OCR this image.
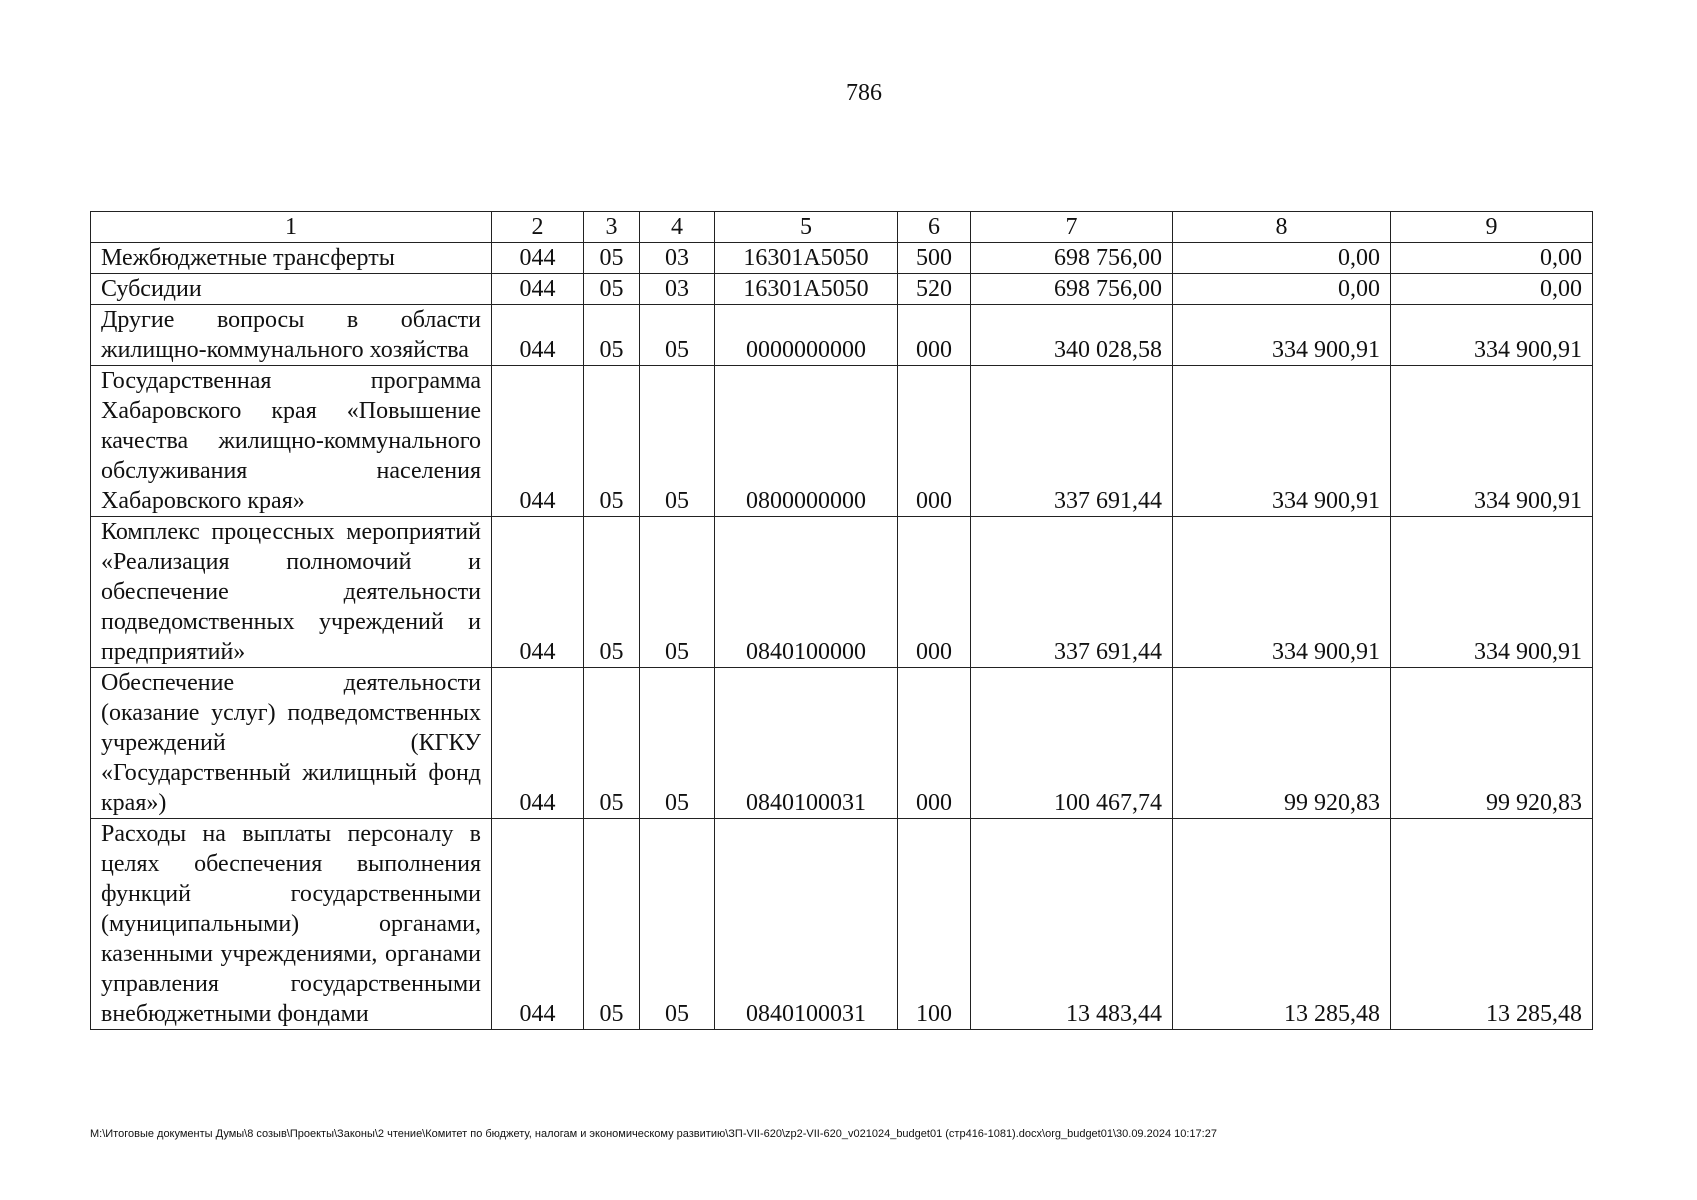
786
1	2	3	4	5	6	7	8	9
Межбюджетные трансферты	044	05	03	16301А5050	500	698 756,00	0,00	0,00
Субсидии	044	05	03	16301А5050	520	698 756,00	0,00	0,00
Другие вопросы в области жилищно-коммунального хозяйства	044	05	05	0000000000	000	340 028,58	334 900,91	334 900,91
Государственная программа Хабаровского края «Повышение качества жилищно-коммунального обслуживания населения Хабаровского края»	044	05	05	0800000000	000	337 691,44	334 900,91	334 900,91
Комплекс процессных мероприятий «Реализация полномочий и обеспечение деятельности подведомственных учреждений и предприятий»	044	05	05	0840100000	000	337 691,44	334 900,91	334 900,91
Обеспечение деятельности (оказание услуг) подведомственных учреждений (КГКУ «Государственный жилищный фонд края»)	044	05	05	0840100031	000	100 467,74	99 920,83	99 920,83
Расходы на выплаты персоналу в целях обеспечения выполнения функций государственными (муниципальными) органами, казенными учреждениями, органами управления государственными внебюджетными фондами	044	05	05	0840100031	100	13 483,44	13 285,48	13 285,48
M:\Итоговые документы Думы\8 созыв\Проекты\Законы\2 чтение\Комитет по бюджету, налогам и экономическому развитию\ЗП-VII-620\zp2-VII-620_v021024_budget01 (стр416-1081).docx\org_budget01\30.09.2024 10:17:27
